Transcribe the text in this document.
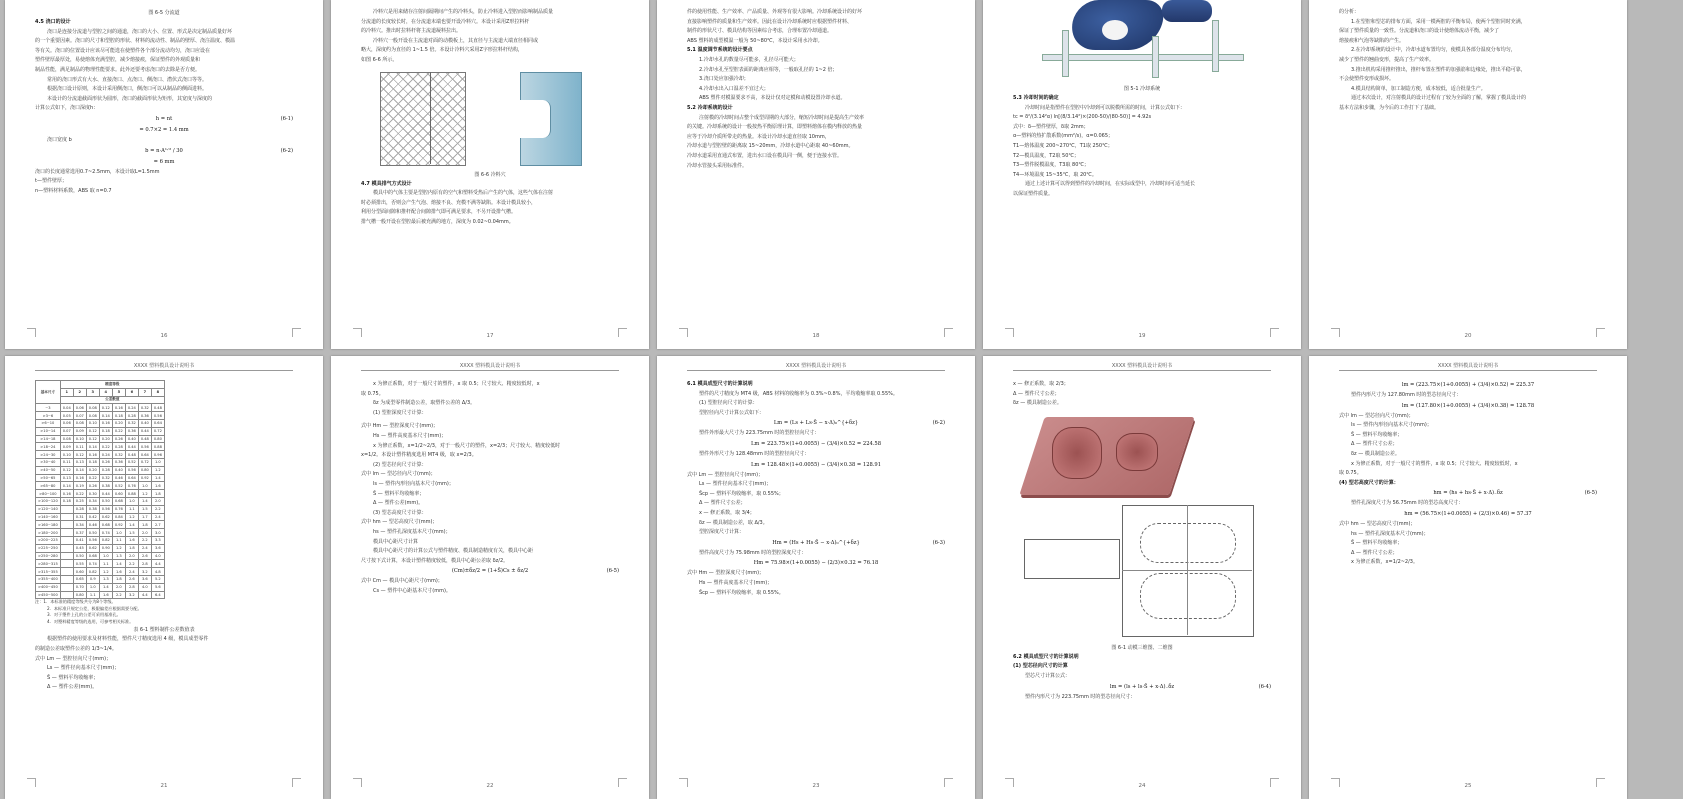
图 6-5 分流道
4.5 浇口的设计
浇口是连接分流道与型腔之间的通道，浇口的大小、位置、形式是决定制品质量好坏
的一个重要因素。浇口的尺寸和型腔的形状、材料的流动性、制品的壁厚、浇注温度、模温
等有关。浇口的位置设计应该尽可能选在使塑件各个部分流动均匀，浇口应设在
塑件壁厚最厚处，易使熔体充满型腔，减少熔接痕，保证塑件的外观质量和
制品性能，满足制品的物理性能要求。此外还要考虑浇口的去除是否方便。
常用的浇口形式有大水、直接浇口、点浇口、侧浇口、潜伏式浇口等等。
根据浇口设计原则，本设计采用侧浇口，侧浇口可以从制品的侧面进料。
本设计的分流道截面形状为圆形，浇口的截面形状为矩形，其宽度与深度的
计算公式如下，浇口深度h：
h = nt	(6-1)
= 0.7×2 = 1.4 mm
浇口宽度 b
b = n·A¹ᐟ² / 30	(6-2)
= 6 mm
浇口的长度通常选用0.7~2.5mm，本设计取L=1.5mm
t—塑件壁厚；
n—塑料材料系数，ABS 取 n=0.7
16
冷料穴是用来储存注射间隔期间产生的冷料头，防止冷料进入型腔而影响制品质量
分流道的长度较长时，在分流道末端也要开设冷料穴。本设计采用Z形拉料杆
的冷料穴。推出时拉料杆将主流道凝料拉出。
冷料穴一般开设在主流道对面的动模板上，其直径与主流道大端直径相同或
略大，深度约为直径的 1~1.5 倍。本设计冷料穴采用Z字形拉料杆结构，
如图 6-6 所示。
图 6-6 冷料穴
4.7 模具排气方式设计
模具中的气体主要是型腔内原有的空气和塑料受热后产生的气体，这些气体在注射
时必须排出，否则会产生气泡、熔接不良、充模不满等缺陷。本设计模具较小，
利用分型面间隙和推杆配合间隙排气即可满足要求，不另开设排气槽。
排气槽一般开设在型腔最后被充满的地方，深度为 0.02~0.04mm。
17
件的使用性能、生产效率、产品质量、外观等有很大影响。冷却系统设计的好坏
直接影响塑件的质量和生产效率。因此在设计冷却系统时应根据塑件材料、
制件的形状尺寸、模具结构等因素综合考虑，合理布置冷却通道。
ABS 塑料的成型模温一般为 50~80℃，本设计采用水冷却。
5.1 温度调节系统的设计要点
1.冷却水孔的数量尽可能多，孔径尽可能大；
2.冷却水孔至型腔表面的距离应相等，一般取孔径的 1~2 倍；
3.浇口处应加强冷却；
4.冷却水出入口温差不宜过大；
ABS 塑件对模温要求不高，本设计仅对定模和动模设置冷却水道。
5.2 冷却系统的设计
注射模的冷却时间占整个成型周期的大部分，缩短冷却时间是提高生产效率
的关键。冷却系统的设计一般按热平衡原理计算，即塑料熔体在模内释放的热量
应等于冷却介质所带走的热量。本设计冷却水道直径取 10mm，
冷却水道与型腔壁的距离取 15~20mm，冷却水道中心距取 40~60mm。
冷却水道采用直通式布置，进出水口设在模具同一侧，便于连接水管。
冷却水管接头采用标准件。
18
图 5-1 冷却系统
5.3 冷却时间的确定
冷却时间是指塑件在型腔中冷却到可以脱模所需的时间，计算公式如下：
tc = δ²/(3.14²α) ln[(8/3.14²)×(200-50)/(80-50)] = 4.92s
式中：δ—塑件壁厚，δ取 2mm；
α—塑料的热扩散系数(mm²/s)，α=0.065；
T1—熔体温度 200~270℃，T1取 250℃；
T2—模具温度，T2取 50℃；
T3—塑件脱模温度，T3取 80℃；
T4—环境温度 15~35℃，取 20℃。
通过上述计算可以得到塑件的冷却时间，在实际成型中，冷却时间可适当延长
以保证塑件质量。
19
的分析：
1.在型腔和型芯的排布方面，采用一模两腔的平衡布局，使两个型腔同时充满，
保证了塑件质量的一致性。分流道和浇口的设计使熔体流动平衡，减少了
熔接痕和气泡等缺陷的产生。
2.在冷却系统的设计中，冷却水道布置均匀，使模具各部分温度分布均匀，
减少了塑件的翘曲变形，提高了生产效率。
3.推出机构采用推杆推出，推杆布置在塑件的加强筋和边缘处，推出平稳可靠，
不会使塑件变形或损坏。
4.模具结构简单，加工制造方便，成本较低，适合批量生产。
通过本次设计，对注射模具的设计过程有了较为全面的了解，掌握了模具设计的
基本方法和步骤，为今后的工作打下了基础。
20
XXXX 塑料模具设计说明书
基本尺寸	精度等级							
	1	2	3	4	5	6	7	8
	公差数值							
~3	0.04	0.06	0.08	0.12	0.16	0.24	0.32	0.48
>3~6	0.05	0.07	0.08	0.14	0.18	0.28	0.36	0.56
>6~10	0.06	0.08	0.10	0.16	0.20	0.32	0.40	0.64
>10~14	0.07	0.09	0.12	0.18	0.22	0.36	0.44	0.72
>14~18	0.08	0.10	0.12	0.20	0.26	0.40	0.48	0.80
>18~24	0.09	0.11	0.14	0.22	0.28	0.44	0.56	0.88
>24~30	0.10	0.12	0.16	0.24	0.32	0.48	0.64	0.96
>30~40	0.11	0.13	0.18	0.26	0.36	0.52	0.72	1.0
>40~50	0.12	0.14	0.20	0.28	0.40	0.56	0.80	1.2
>50~65	0.13	0.16	0.22	0.32	0.46	0.64	0.92	1.4
>65~80	0.14	0.19	0.26	0.38	0.52	0.76	1.0	1.6
>80~100	0.16	0.22	0.30	0.44	0.60	0.88	1.2	1.8
>100~120	0.18	0.25	0.34	0.50	0.68	1.0	1.4	2.0
>120~140		0.28	0.38	0.56	0.76	1.1	1.5	2.2
>140~160		0.31	0.42	0.62	0.84	1.2	1.7	2.4
>160~180		0.34	0.46	0.68	0.92	1.4	1.8	2.7
>180~200		0.37	0.50	0.74	1.0	1.5	2.0	3.0
>200~225		0.41	0.56	0.82	1.1	1.6	2.2	3.3
>225~250		0.45	0.62	0.90	1.2	1.8	2.4	3.6
>250~280		0.50	0.68	1.0	1.3	2.0	2.6	4.0
>280~315		0.55	0.74	1.1	1.4	2.2	2.8	4.4
>315~355		0.60	0.82	1.2	1.6	2.4	3.2	4.8
>355~400		0.65	0.9	1.3	1.8	2.6	3.6	5.2
>400~450		0.70	1.0	1.4	2.0	2.8	4.0	5.6
>450~500		0.80	1.1	1.6	2.2	3.2	4.4	6.4
注：1．本标准的精度等级共分为8个等级。
2．本标准只规定公差，极限偏差应根据需要分配。
3．对于塑件上孔的公差可采用基准孔。
4．对塑料精度等级的选用，可参考相关标准。
表 6-1 塑料制件公差数值表
根据塑件的使用要求及材料性能，塑件尺寸精度选用 4 级，模具成型零件
的制造公差取塑件公差的 1/3~1/4。
式中 Lm — 型腔径向尺寸(mm)；
Ls — 塑件径向基本尺寸(mm)；
S̄ — 塑料平均收缩率；
Δ — 塑件公差(mm)。
21
XXXX 塑料模具设计说明书
x 为修正系数，对于一般尺寸的塑件，x 取 0.5；尺寸较大、精度较低时，x
取 0.75。
δz 为成型零件制造公差，取塑件公差的 Δ/3。
(1) 型腔深度尺寸计算：
式中 Hm — 型腔深度尺寸(mm)；
Hs — 塑件高度基本尺寸(mm)；
x 为修正系数，x=1/2~2/3，对于一般尺寸的塑件，x=2/3；尺寸较大、精度较低时
x=1/2。本设计塑件精度选用 MT4 级，取 x=2/3。
(2) 型芯径向尺寸计算：
式中 lm — 型芯径向尺寸(mm)；
ls — 塑件内形径向基本尺寸(mm)；
S̄ — 塑料平均收缩率；
Δ — 塑件公差(mm)。
(3) 型芯高度尺寸计算：
式中 hm — 型芯高度尺寸(mm)；
hs — 塑件孔深度基本尺寸(mm)；
模具中心距尺寸计算
模具中心距尺寸的计算公式与塑件精度、模具制造精度有关，模具中心距
尺寸按下式计算，本设计塑件精度较低，模具中心距公差取 δz/2。
(Cm)±δz/2 = (1+S̄)Cs ± δz/2	(6-5)
式中 Cm — 模具中心距尺寸(mm)；
Cs — 塑件中心距基本尺寸(mm)。
22
XXXX 塑料模具设计说明书
6.1 模具成型尺寸的计算说明
塑件的尺寸精度为 MT4 级，ABS 材料的收缩率为 0.3%~0.8%，平均收缩率取 0.55%。
(1) 型腔径向尺寸的计算：
型腔径向尺寸计算公式如下：
Lm = (Ls + Ls·S̄ − x·Δ)₀^{+δz}	(6-2)
塑件外形最大尺寸为 223.75mm 时的型腔径向尺寸：
Lm = 223.75×(1+0.0055) − (3/4)×0.52 = 224.58
塑件外形尺寸为 128.48mm 时的型腔径向尺寸：
Lm = 128.48×(1+0.0055) − (3/4)×0.38 = 128.91
式中 Lm — 型腔径向尺寸(mm)；
Ls — 塑件径向基本尺寸(mm)；
S̄cp — 塑料平均收缩率，取 0.55%；
Δ — 塑件尺寸公差；
x — 修正系数，取 3/4；
δz — 模具制造公差，取 Δ/3。
型腔深度尺寸计算：
Hm = (Hs + Hs·S̄ − x·Δ)₀^{+δz}	(6-3)
塑件高度尺寸为 75.98mm 时的型腔深度尺寸：
Hm = 75.98×(1+0.0055) − (2/3)×0.32 = 76.18
式中 Hm — 型腔深度尺寸(mm)；
Hs — 塑件高度基本尺寸(mm)；
S̄cp — 塑料平均收缩率，取 0.55%。
23
XXXX 塑料模具设计说明书
x — 修正系数，取 2/3；
Δ — 塑件尺寸公差；
δz — 模具制造公差。
图 6-1 动模三维图、二维图
6.2 模具成型尺寸的计算说明
(1) 型芯径向尺寸的计算
型芯尺寸计算公式：
lm = (ls + ls·S̄ + x·Δ)₋δz	(6-4)
塑件内形尺寸为 223.75mm 时的型芯径向尺寸：
24
XXXX 塑料模具设计说明书
lm = (223.75×(1+0.0055) + (3/4)×0.52) = 225.37
塑件内形尺寸为 127.80mm 时的型芯径向尺寸：
lm = (127.80×(1+0.0055) + (3/4)×0.38) = 128.78
式中 lm — 型芯径向尺寸(mm)；
ls — 塑件内形径向基本尺寸(mm)；
S̄ — 塑料平均收缩率；
Δ — 塑件尺寸公差；
δz — 模具制造公差。
x 为修正系数，对于一般尺寸的塑件，x 取 0.5；尺寸较大、精度较低时，x
取 0.75。
(4) 型芯高度尺寸的计算：
hm = (hs + hs·S̄ + x·Δ)₋δz	(6-5)
塑件孔深度尺寸为 56.75mm 时的型芯高度尺寸：
hm = (56.75×(1+0.0055) + (2/3)×0.46) = 57.37
式中 hm — 型芯高度尺寸(mm)；
hs — 塑件孔深度基本尺寸(mm)；
S̄ — 塑料平均收缩率；
Δ — 塑件尺寸公差；
x 为修正系数，x=1/2~2/3。
25
